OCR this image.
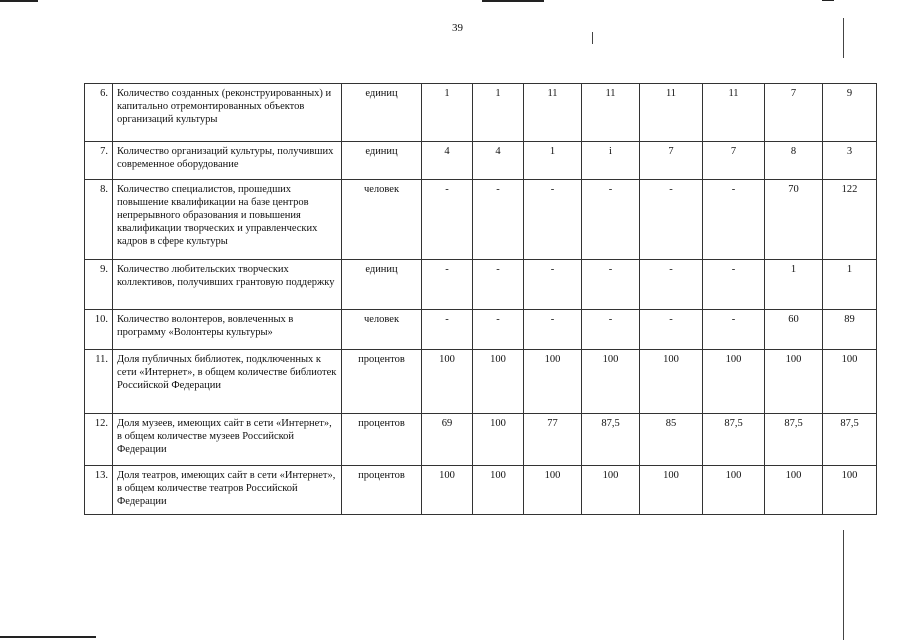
39
6.	Количество созданных (реконструированных) и капитально отремонтированных объектов организаций культуры	единиц	1	1	11	11	11	11	7	9
7.	Количество организаций культуры, получивших современное оборудование	единиц	4	4	1	i	7	7	8	3
8.	Количество специалистов, прошедших повышение квалификации на базе центров непрерывного образования и повышения квалификации творческих и управленческих кадров в сфере культуры	человек	-	-	-	-	-	-	70	122
9.	Количество любительских творческих коллективов, получивших грантовую поддержку	единиц	-	-	-	-	-	-	1	1
10.	Количество волонтеров, вовлеченных в программу «Волонтеры культуры»	человек	-	-	-	-	-	-	60	89
11.	Доля публичных библиотек, подключенных к сети «Интернет», в общем количестве библиотек Российской Федерации	процентов	100	100	100	100	100	100	100	100
12.	Доля музеев, имеющих сайт в сети «Интернет», в общем количестве музеев Российской Федерации	процентов	69	100	77	87,5	85	87,5	87,5	87,5
13.	Доля театров, имеющих сайт в сети «Интернет», в общем количестве театров Российской Федерации	процентов	100	100	100	100	100	100	100	100
